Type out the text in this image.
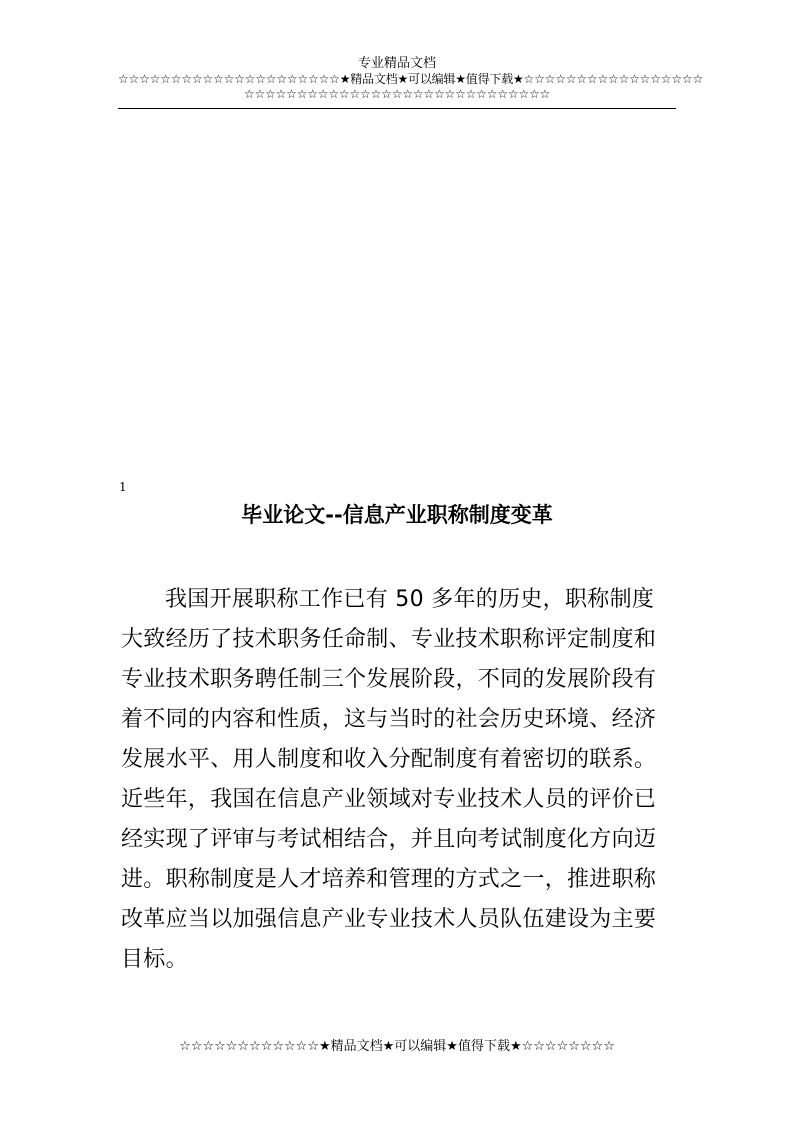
专业精品文档
☆☆☆☆☆☆☆☆☆☆☆☆☆☆☆☆☆☆☆☆☆★精品文档★可以编辑★值得下载★☆☆☆☆☆☆☆☆☆☆☆☆☆☆☆☆☆
☆☆☆☆☆☆☆☆☆☆☆☆☆☆☆☆☆☆☆☆☆☆☆☆☆☆☆☆☆
1
毕业论文--信息产业职称制度变革
我国开展职称工作已有 50 多年的历史，职称制度
大致经历了技术职务任命制、专业技术职称评定制度和
专业技术职务聘任制三个发展阶段，不同的发展阶段有
着不同的内容和性质，这与当时的社会历史环境、经济
发展水平、用人制度和收入分配制度有着密切的联系。
近些年，我国在信息产业领域对专业技术人员的评价已
经实现了评审与考试相结合，并且向考试制度化方向迈
进。职称制度是人才培养和管理的方式之一，推进职称
改革应当以加强信息产业专业技术人员队伍建设为主要
目标。
☆☆☆☆☆☆☆☆☆☆☆☆★精品文档★可以编辑★值得下载★☆☆☆☆☆☆☆☆
